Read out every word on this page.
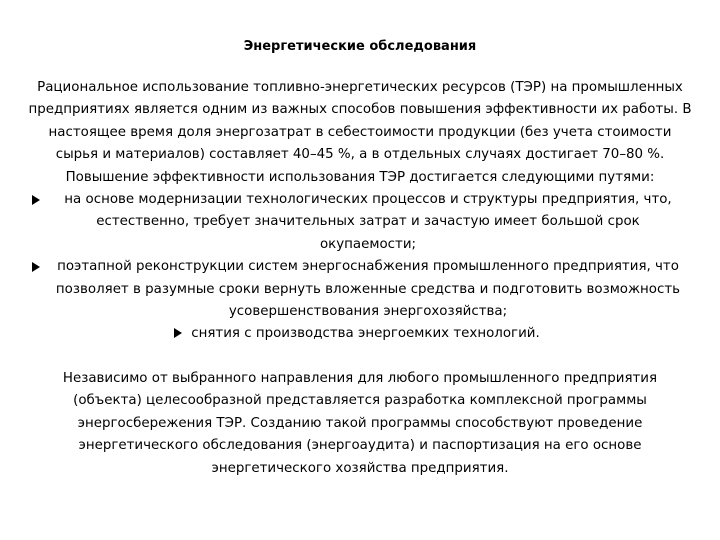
Энергетические обследования

Рациональное использование топливно-энергетических ресурсов (ТЭР) на промышленных предприятиях является одним из важных способов повышения эффективности их работы. В настоящее время доля энергозатрат в себестоимости продукции (без учета стоимости сырья и материалов) составляет 40–45 %, а в отдельных случаях достигает 70–80 %. Повышение эффективности использования ТЭР достигается следующими путями:

на основе модернизации технологических процессов и структуры предприятия, что, естественно, требует значительных затрат и зачастую имеет большой срок окупаемости;
поэтапной реконструкции систем энергоснабжения промышленного предприятия, что позволяет в разумные сроки вернуть вложенные средства и подготовить возможность усовершенствования энергохозяйства;
снятия с производства энергоемких технологий.

Независимо от выбранного направления для любого промышленного предприятия (объекта) целесообразной представляется разработка комплексной программы энергосбережения ТЭР. Созданию такой программы способствуют проведение энергетического обследования (энергоаудита) и паспортизация на его основе энергетического хозяйства предприятия.
